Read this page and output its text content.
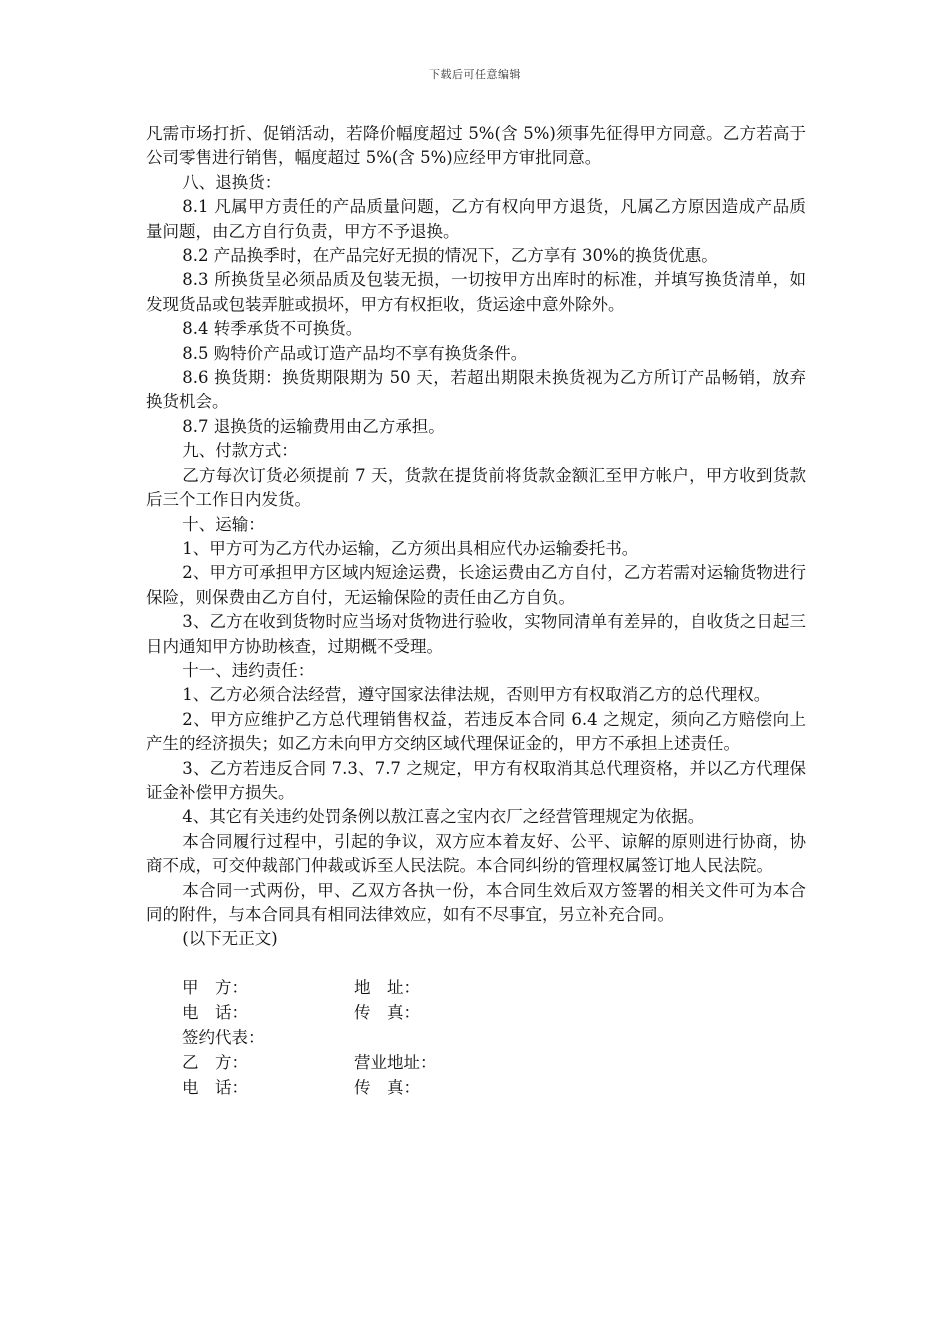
下载后可任意编辑

凡需市场打折、促销活动，若降价幅度超过 5%(含 5%)须事先征得甲方同意。乙方若高于公司零售进行销售，幅度超过 5%(含 5%)应经甲方审批同意。

八、退换货：

8.1 凡属甲方责任的产品质量问题，乙方有权向甲方退货，凡属乙方原因造成产品质量问题，由乙方自行负责，甲方不予退换。

8.2 产品换季时，在产品完好无损的情况下，乙方享有 30%的换货优惠。

8.3 所换货呈必须品质及包装无损，一切按甲方出库时的标准，并填写换货清单，如发现货品或包装弄脏或损坏，甲方有权拒收，货运途中意外除外。

8.4 转季承货不可换货。

8.5 购特价产品或订造产品均不享有换货条件。

8.6 换货期：换货期限期为 50 天，若超出期限未换货视为乙方所订产品畅销，放弃换货机会。

8.7 退换货的运输费用由乙方承担。

九、付款方式：

乙方每次订货必须提前 7 天，货款在提货前将货款金额汇至甲方帐户，甲方收到货款后三个工作日内发货。

十、运输：

1、甲方可为乙方代办运输，乙方须出具相应代办运输委托书。

2、甲方可承担甲方区域内短途运费，长途运费由乙方自付，乙方若需对运输货物进行保险，则保费由乙方自付，无运输保险的责任由乙方自负。

3、乙方在收到货物时应当场对货物进行验收，实物同清单有差异的，自收货之日起三日内通知甲方协助核查，过期概不受理。

十一、违约责任：

1、乙方必须合法经营，遵守国家法律法规，否则甲方有权取消乙方的总代理权。

2、甲方应维护乙方总代理销售权益，若违反本合同 6.4 之规定，须向乙方赔偿向上产生的经济损失；如乙方未向甲方交纳区域代理保证金的，甲方不承担上述责任。

3、乙方若违反合同 7.3、7.7 之规定，甲方有权取消其总代理资格，并以乙方代理保证金补偿甲方损失。

4、其它有关违约处罚条例以敖江喜之宝内衣厂之经营管理规定为依据。

本合同履行过程中，引起的争议，双方应本着友好、公平、谅解的原则进行协商，协商不成，可交仲裁部门仲裁或诉至人民法院。本合同纠纷的管理权属签订地人民法院。

本合同一式两份，甲、乙双方各执一份，本合同生效后双方签署的相关文件可为本合同的附件，与本合同具有相同法律效应，如有不尽事宜，另立补充合同。

(以下无正文)

甲　方：	地　址：
电　话：	传　真：
签约代表：
乙　方：	营业地址：
电　话：	传　真：
